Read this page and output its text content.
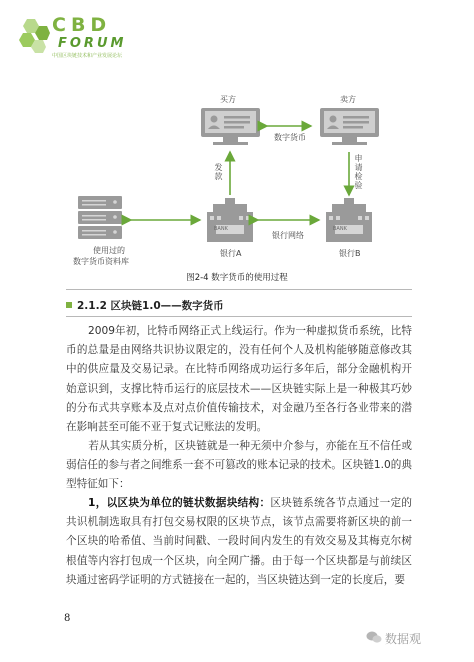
CBD
FORUM
中国区块链技术和产业发展论坛
买方	卖方
数字货币
发款	申请检验
银行网络
银行A	银行B
使用过的
数字货币资料库
BANK	BANK
图2-4 数字货币的使用过程
2.1.2 区块链1.0——数字货币
2009年初，比特币网络正式上线运行。作为一种虚拟货币系统，比特币的总量是由网络共识协议限定的，没有任何个人及机构能够随意修改其中的供应量及交易记录。在比特币网络成功运行多年后，部分金融机构开始意识到，支撑比特币运行的底层技术——区块链实际上是一种极其巧妙的分布式共享账本及点对点价值传输技术，对金融乃至各行各业带来的潜在影响甚至可能不亚于复式记账法的发明。
若从其实质分析，区块链就是一种无须中介参与，亦能在互不信任或弱信任的参与者之间维系一套不可篡改的账本记录的技术。区块链1.0的典型特征如下：
1，以区块为单位的链状数据块结构：区块链系统各节点通过一定的共识机制选取具有打包交易权限的区块节点，该节点需要将新区块的前一个区块的哈希值、当前时间戳、一段时间内发生的有效交易及其梅克尔树根值等内容打包成一个区块，向全网广播。由于每一个区块都是与前续区块通过密码学证明的方式链接在一起的，当区块链达到一定的长度后，要
8
数据观
